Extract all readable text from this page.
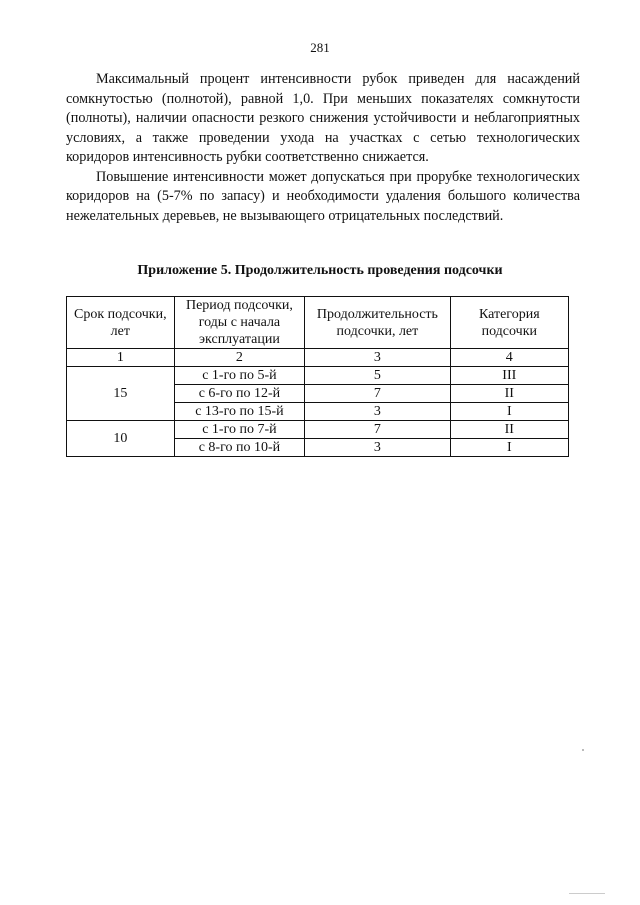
281

Максимальный процент интенсивности рубок приведен для насаждений сомкнутостью (полнотой), равной 1,0. При меньших показателях сомкнутости (полноты), наличии опасности резкого снижения устойчивости и неблагоприятных условиях, а также проведении ухода на участках с сетью технологических коридоров интенсивность рубки соответственно снижается.

Повышение интенсивности может допускаться при прорубке технологических коридоров на (5-7% по запасу) и необходимости удаления большого количества нежелательных деревьев, не вызывающего отрицательных последствий.

Приложение 5. Продолжительность проведения подсочки
Срок подсочки, лет	Период подсочки, годы с начала эксплуатации	Продолжительность подсочки, лет	Категория подсочки
1	2	3	4
15	с 1-го по 5-й	5	III
	с 6-го по 12-й	7	II
	с 13-го по 15-й	3	I
10	с 1-го по 7-й	7	II
	с 8-го по 10-й	3	I
